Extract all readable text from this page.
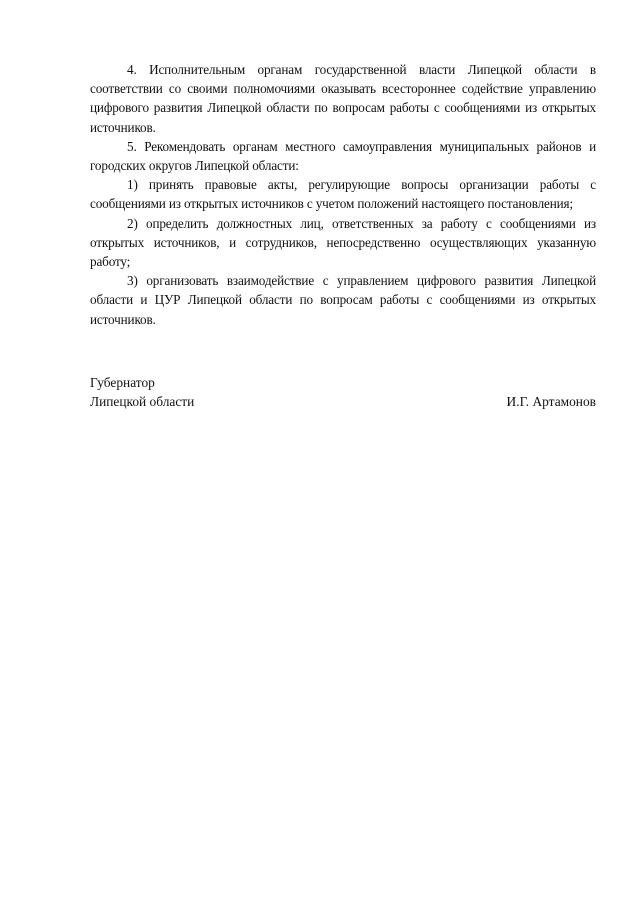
4. Исполнительным органам государственной власти Липецкой области в соответствии со своими полномочиями оказывать всестороннее содействие управлению цифрового развития Липецкой области по вопросам работы с сообщениями из открытых источников.

5. Рекомендовать органам местного самоуправления муниципальных районов и городских округов Липецкой области:

1) принять правовые акты, регулирующие вопросы организации работы с сообщениями из открытых источников с учетом положений настоящего постановления;

2) определить должностных лиц, ответственных за работу с сообщениями из открытых источников, и сотрудников, непосредственно осуществляющих указанную работу;

3) организовать взаимодействие с управлением цифрового развития Липецкой области и ЦУР Липецкой области по вопросам работы с сообщениями из открытых источников.

Губернатор
Липецкой области	И.Г. Артамонов
